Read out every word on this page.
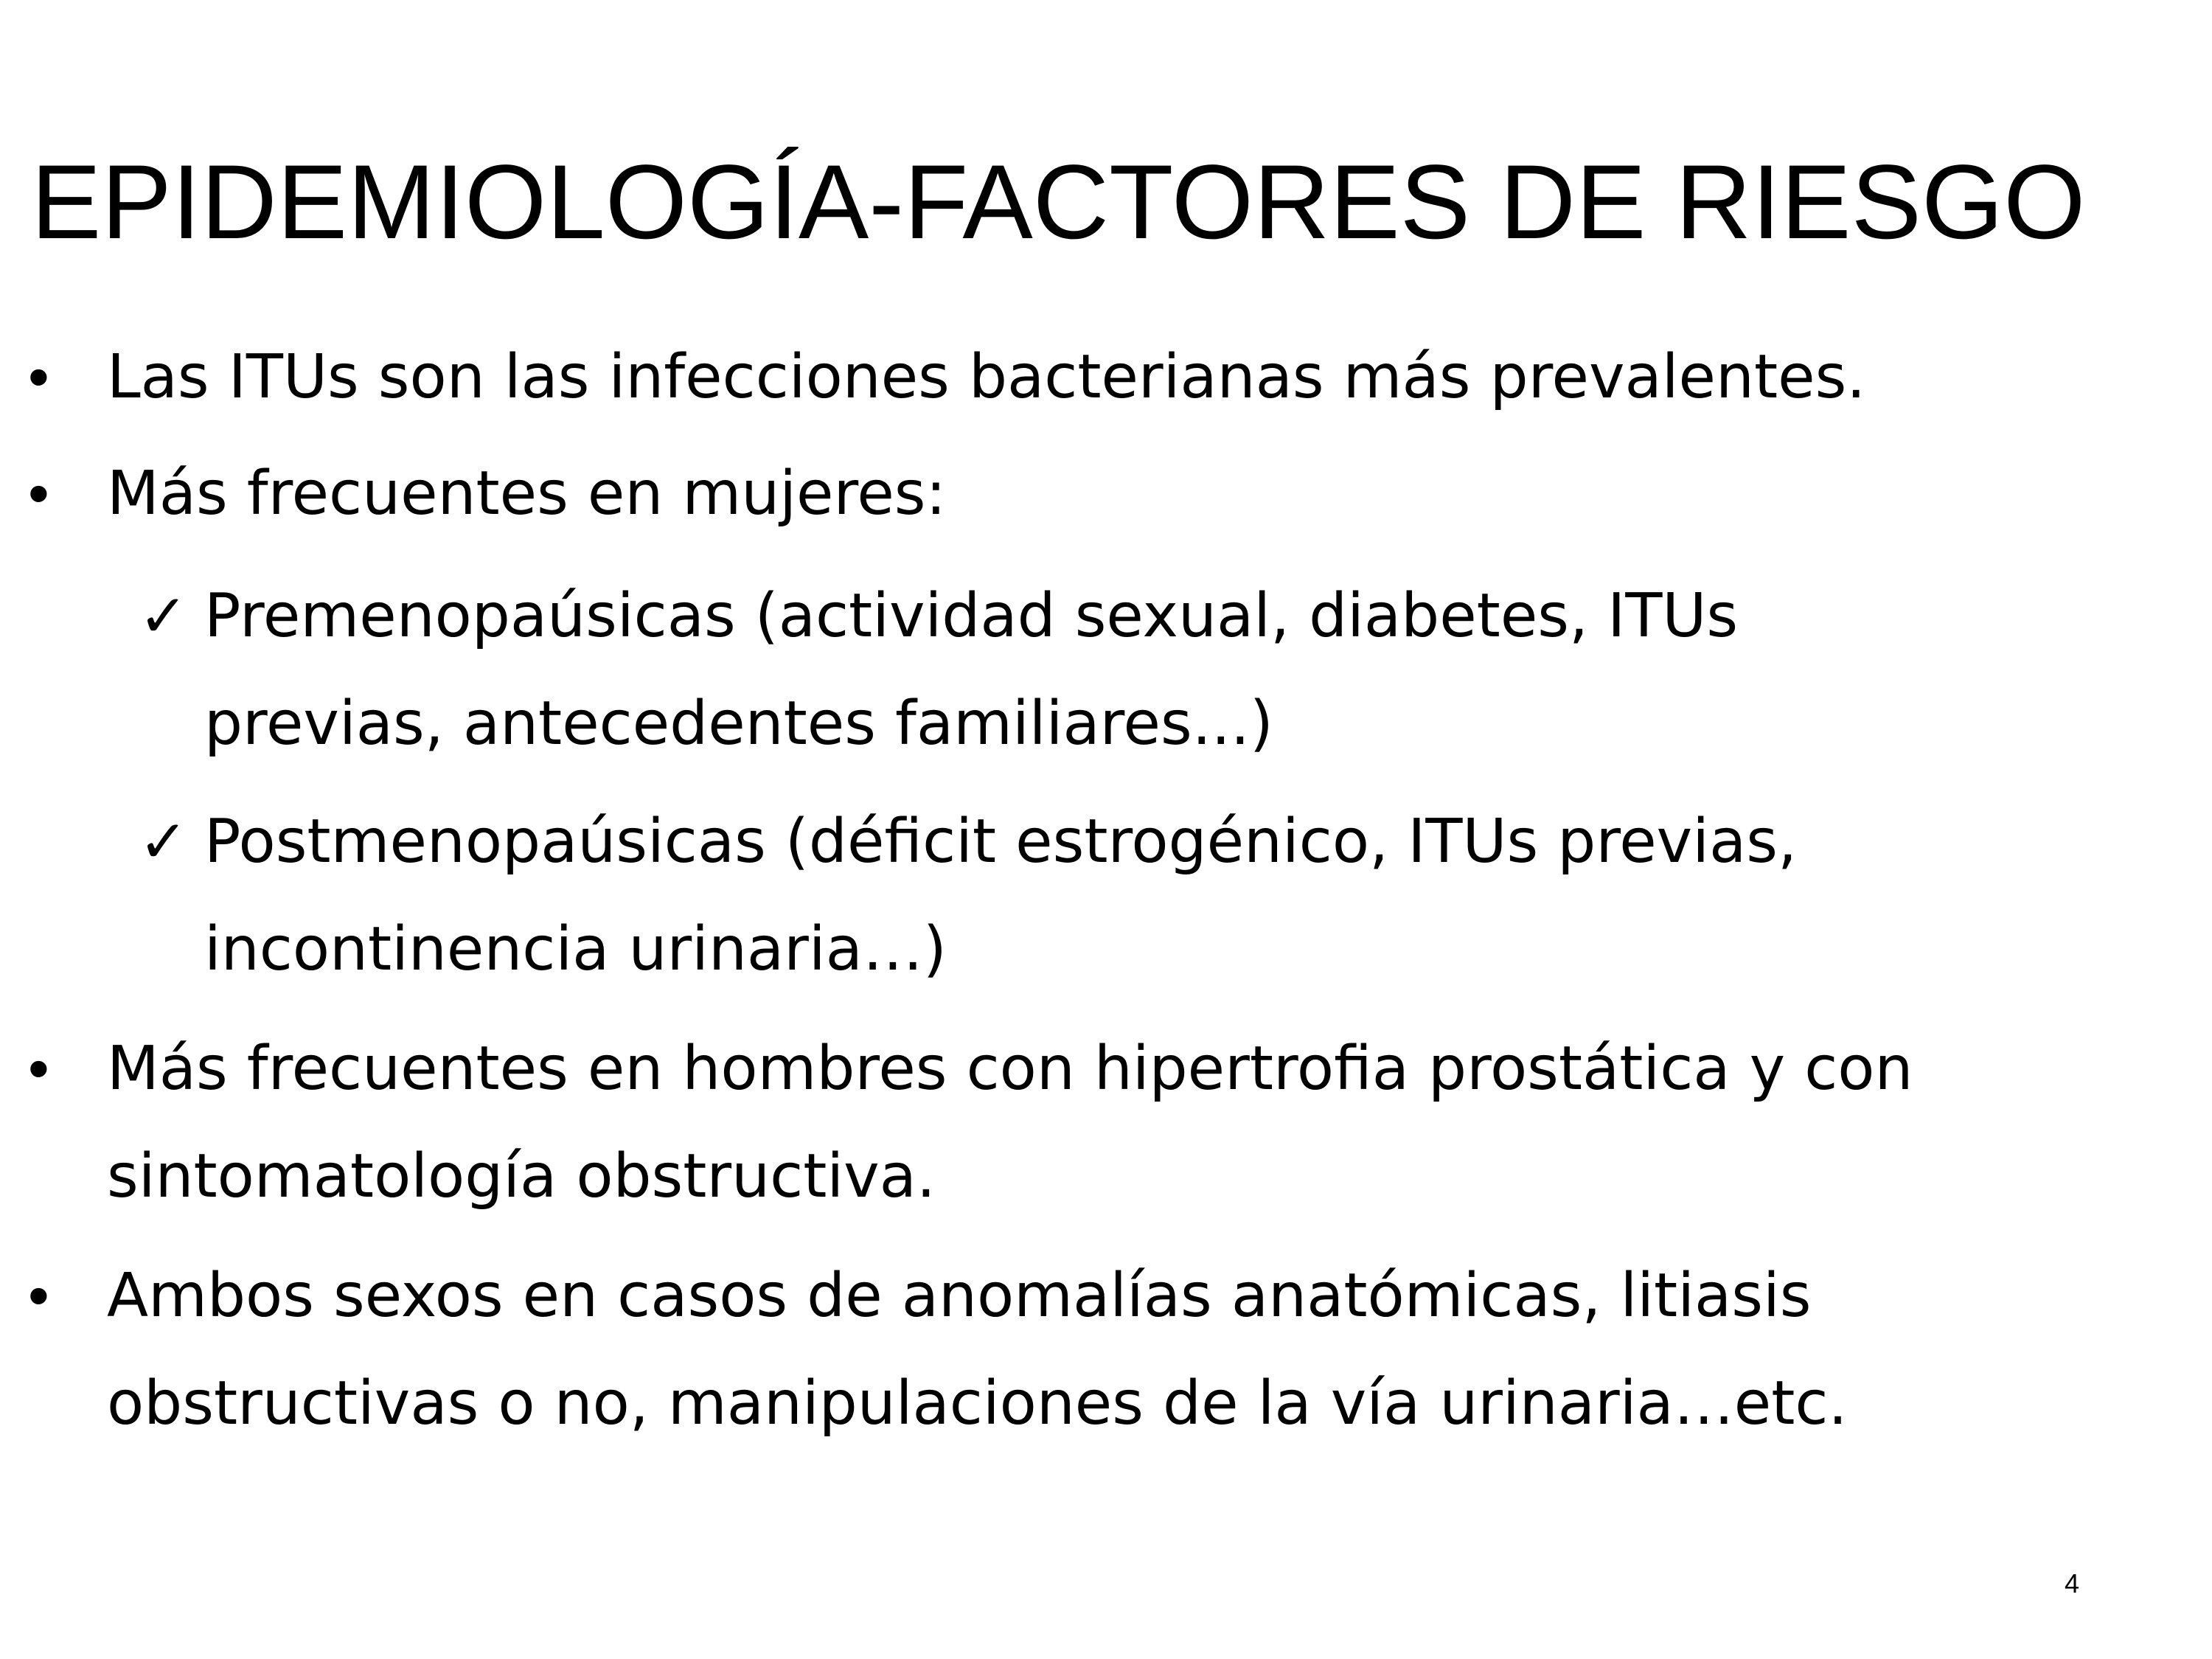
EPIDEMIOLOGÍA-FACTORES DE RIESGO
• Las ITUs son las infecciones bacterianas más prevalentes.
• Más frecuentes en mujeres:
✓ Premenopaúsicas (actividad sexual, diabetes, ITUs
previas, antecedentes familiares...)
✓ Postmenopaúsicas (déficit estrogénico, ITUs previas,
incontinencia urinaria…)
• Más frecuentes en hombres con hipertrofia prostática y con
sintomatología obstructiva.
• Ambos sexos en casos de anomalías anatómicas, litiasis
obstructivas o no, manipulaciones de la vía urinaria…etc.
4
